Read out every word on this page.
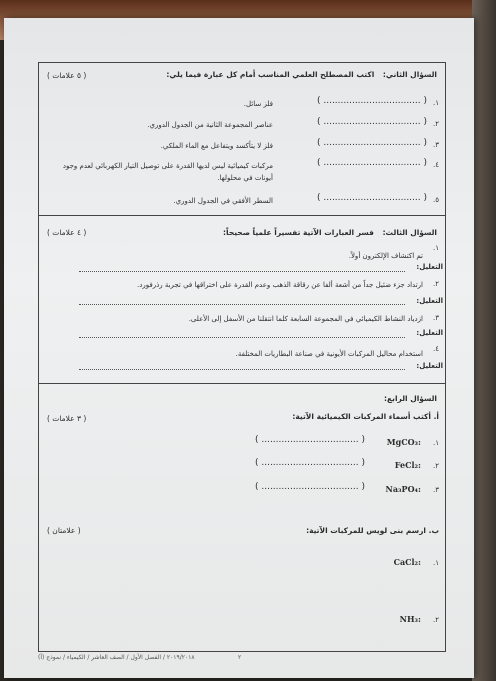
السؤال الثاني: اكتب المصطلح العلمي المناسب أمام كل عبارة فيما يلي:
( ٥ علامات )
١.
( .................................. )
فلز سائل.
٢.
( .................................. )
عناصر المجموعة الثانية من الجدول الدوري.
٣.
( .................................. )
فلز لا يتأكسد ويتفاعل مع الماء الملكي.
٤.
( .................................. )
مركبات كيميائية ليس لديها القدرة على توصيل التيار الكهربائي لعدم وجود
أيونات في محلولها.
٥.
( .................................. )
السطر الأفقي في الجدول الدوري.
السؤال الثالث: فسر العبارات الآتية تفسيراً علمياً صحيحاً:
( ٤ علامات )
١.
تم اكتشاف الإلكترون أولاً.
التعليل:
٢.
ارتداد جزء ضئيل جداً من أشعة ألفا عن رقاقة الذهب وعدم القدرة على اختراقها في تجربة رذرفورد.
التعليل:
٣.
ازدياد النشاط الكيميائي في المجموعة السابعة كلما انتقلنا من الأسفل إلى الأعلى.
التعليل:
٤.
استخدام محاليل المركبات الأيونية في صناعة البطاريات المختلفة.
التعليل:
السؤال الرابع:
أ. أكتب أسماء المركبات الكيميائية الآتية:
( ٣ علامات )
١.
MgCO₃:
( .................................. )
٢.
FeCl₂:
( .................................. )
٣.
Na₃PO₄:
( .................................. )
ب. ارسم بنى لويس للمركبات الآتية:
( علامتان )
١.
CaCl₂:
٢.
NH₃:
٢
٢٠١٩/٢٠١٨ / الفصل الأول / الصف العاشر / الكيمياء / نموذج (أ)
